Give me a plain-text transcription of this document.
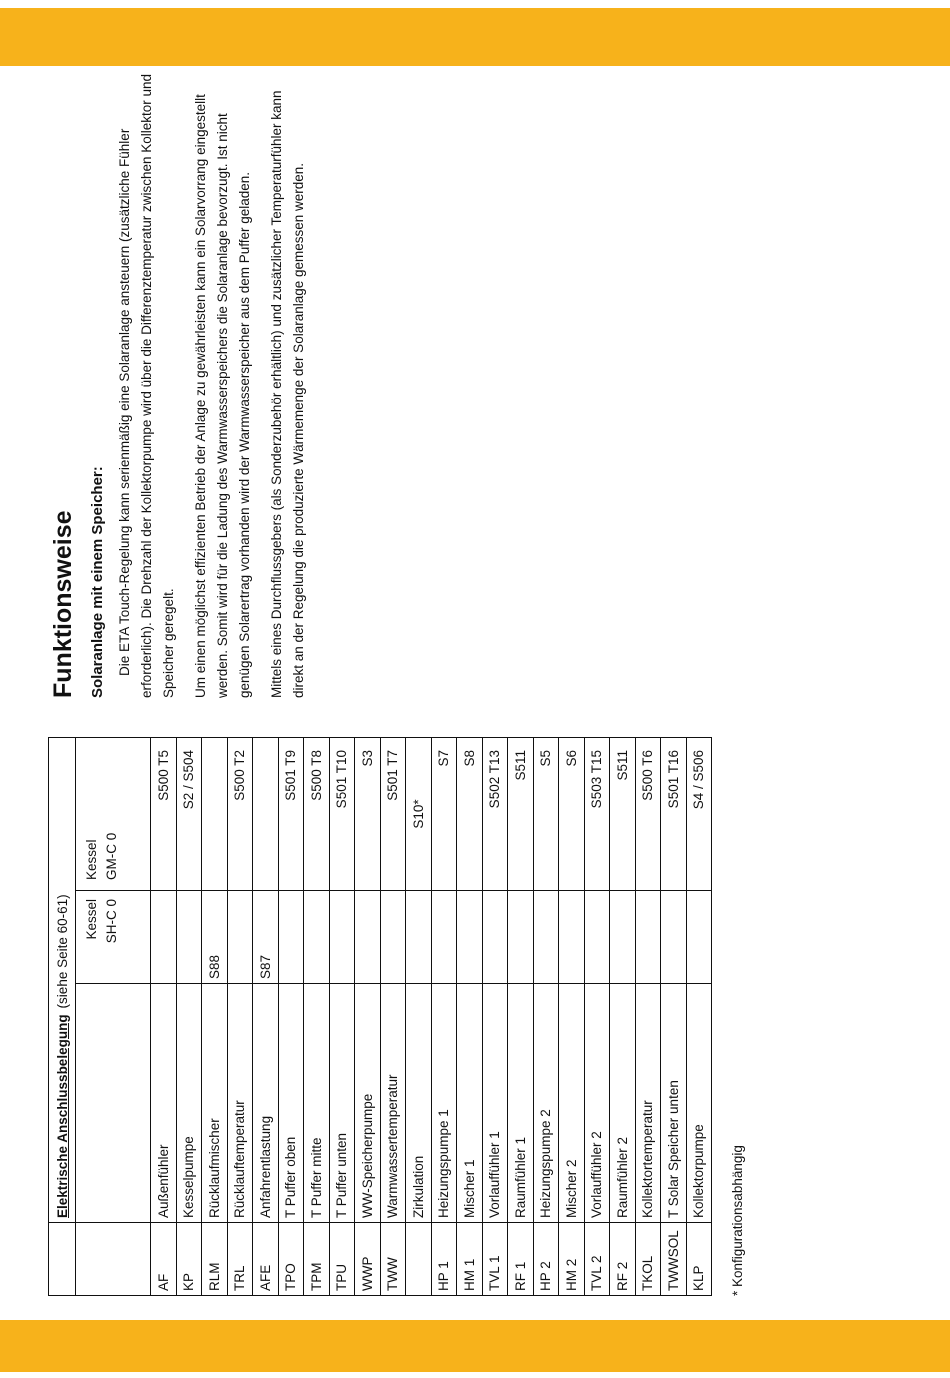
Funktionsweise Solaranlage mit einem Speicher: Die ETA Touch-Regelung kann serienmäßig eine Solaranlage ansteuern (zusätzliche Fühler erforderlich). Die Drehzahl der Kollektorpumpe wird über die Differenztemperatur zwischen Kollektor und Speicher geregelt. Um einen möglichst effizienten Betrieb der Anlage zu gewährleisten kann ein Solarvorrang eingestellt werden. Somit wird für die Ladung des Warmwasserspeichers die Solaranlage bevorzugt. Ist nicht genügen Solarertrag vorhanden wird der Warmwasserspeicher aus dem Puffer geladen. Mittels eines Durchflussgebers (als Sonderzubehör erhältlich) und zusätzlicher Temperaturfühler kann direkt an der Regelung die produzierte Wärmemenge der Solaranlage gemessen werden.

	Elektrische Anschlussbelegung(siehe Seite 60-61)		
		Kessel SH-C 0	Kessel GM-C 0
AF	Außenfühler		S500 T5
KP	Kesselpumpe		S2 / S504
RLM	Rücklaufmischer	S88	
TRL	Rücklauftemperatur		S500 T2
AFE	Anfahrentlastung	S87	
TPO	T Puffer oben		S501 T9
TPM	T Puffer mitte		S500 T8
TPU	T Puffer unten		S501 T10
WWP	WW-Speicherpumpe		S3
TWW	Warmwassertemperatur		S501 T7
	Zirkulation		S10*
HP 1	Heizungspumpe 1		S7
HM 1	Mischer 1		S8
TVL 1	Vorlauffühler 1		S502 T13
RF 1	Raumfühler 1		S511
HP 2	Heizungspumpe 2		S5
HM 2	Mischer 2		S6
TVL 2	Vorlauffühler 2		S503 T15
RF 2	Raumfühler 2		S511
TKOL	Kollektortemperatur		S500 T6
TWWSOL	T Solar Speicher unten		S501 T16
KLP	Kollektorpumpe		S4 / S506
* Konfigurationsabhängig
